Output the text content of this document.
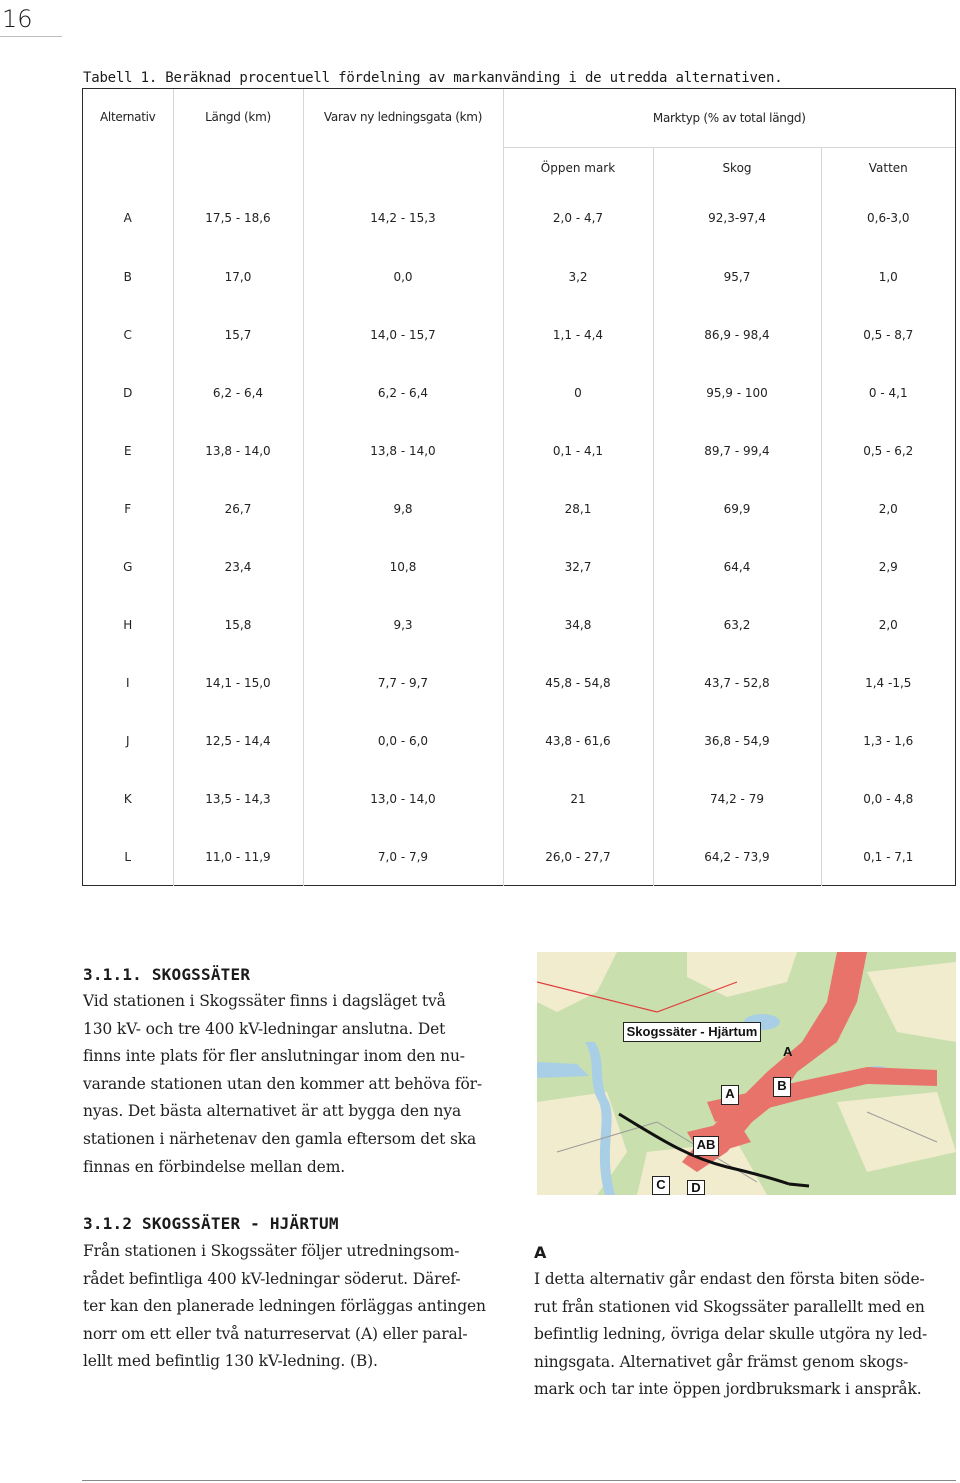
16
Tabell 1. Beräknad procentuell fördelning av markanvänding i de utredda alternativen.
Alternativ	Längd (km)	Varav ny ledningsgata (km)	Marktyp (% av total längd)		
			Öppen mark	Skog	Vatten
A	17,5 - 18,6	14,2 - 15,3	2,0 - 4,7	92,3-97,4	0,6-3,0
B	17,0	0,0	3,2	95,7	1,0
C	15,7	14,0 - 15,7	1,1 - 4,4	86,9 - 98,4	0,5 - 8,7
D	6,2 - 6,4	6,2 - 6,4	0	95,9 - 100	0 - 4,1
E	13,8 - 14,0	13,8 - 14,0	0,1 - 4,1	89,7 - 99,4	0,5 - 6,2
F	26,7	9,8	28,1	69,9	2,0
G	23,4	10,8	32,7	64,4	2,9
H	15,8	9,3	34,8	63,2	2,0
I	14,1 - 15,0	7,7 - 9,7	45,8 - 54,8	43,7 - 52,8	1,4 -1,5
J	12,5 - 14,4	0,0 - 6,0	43,8 - 61,6	36,8 - 54,9	1,3 - 1,6
K	13,5 - 14,3	13,0 - 14,0	21	74,2 - 79	0,0 - 4,8
L	11,0 - 11,9	7,0 - 7,9	26,0 - 27,7	64,2 - 73,9	0,1 - 7,1
3.1.1. SKOGSSÄTER
Vid stationen i Skogssäter finns i dagsläget två
130 kV- och tre 400 kV-ledningar anslutna. Det
finns inte plats för fler anslutningar inom den nu-
varande stationen utan den kommer att behöva för-
nyas. Det bästa alternativet är att bygga den nya
stationen i närhetenav den gamla eftersom det ska
finnas en förbindelse mellan dem.
Skogssäter - Hjärtum
A
A
B
AB
C	D
3.1.2 SKOGSSÄTER - HJÄRTUM
Från stationen i Skogssäter följer utredningsom-
rådet befintliga 400 kV-ledningar söderut. Däref-
ter kan den planerade ledningen förläggas antingen
norr om ett eller två naturreservat (A) eller paral-
lellt med befintlig 130 kV-ledning. (B).
A
I detta alternativ går endast den första biten söde-
rut från stationen vid Skogssäter parallellt med en
befintlig ledning, övriga delar skulle utgöra ny led-
ningsgata. Alternativet går främst genom skogs-
mark och tar inte öppen jordbruksmark i anspråk.
